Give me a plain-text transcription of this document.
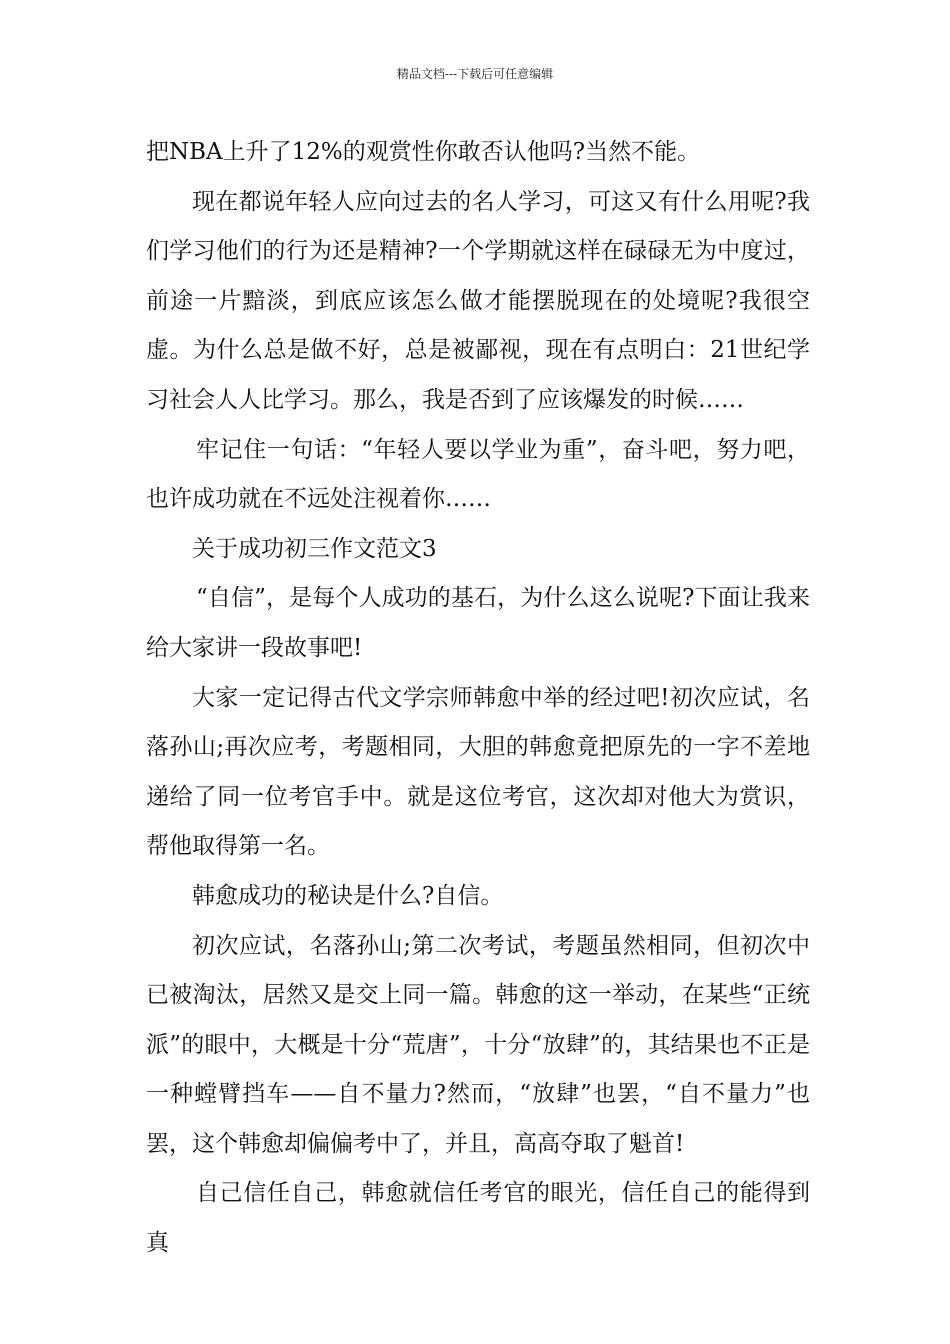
精品文档---下载后可任意编辑

把NBA上升了12%的观赏性你敢否认他吗?当然不能。

现在都说年轻人应向过去的名人学习，可这又有什么用呢?我们学习他们的行为还是精神?一个学期就这样在碌碌无为中度过，前途一片黯淡，到底应该怎么做才能摆脱现在的处境呢?我很空虚。为什么总是做不好，总是被鄙视，现在有点明白：21世纪学习社会人人比学习。那么，我是否到了应该爆发的时候……

牢记住一句话：“年轻人要以学业为重”，奋斗吧，努力吧，也许成功就在不远处注视着你……

关于成功初三作文范文3

“自信”，是每个人成功的基石，为什么这么说呢?下面让我来给大家讲一段故事吧!

大家一定记得古代文学宗师韩愈中举的经过吧!初次应试，名落孙山;再次应考，考题相同，大胆的韩愈竟把原先的一字不差地递给了同一位考官手中。就是这位考官，这次却对他大为赏识，帮他取得第一名。

韩愈成功的秘诀是什么?自信。

初次应试，名落孙山;第二次考试，考题虽然相同，但初次中已被淘汰，居然又是交上同一篇。韩愈的这一举动，在某些“正统派”的眼中，大概是十分“荒唐”，十分“放肆”的，其结果也不正是一种螳臂挡车——自不量力?然而，“放肆”也罢，“自不量力”也罢，这个韩愈却偏偏考中了，并且，高高夺取了魁首!

自己信任自己，韩愈就信任考官的眼光，信任自己的能得到真
